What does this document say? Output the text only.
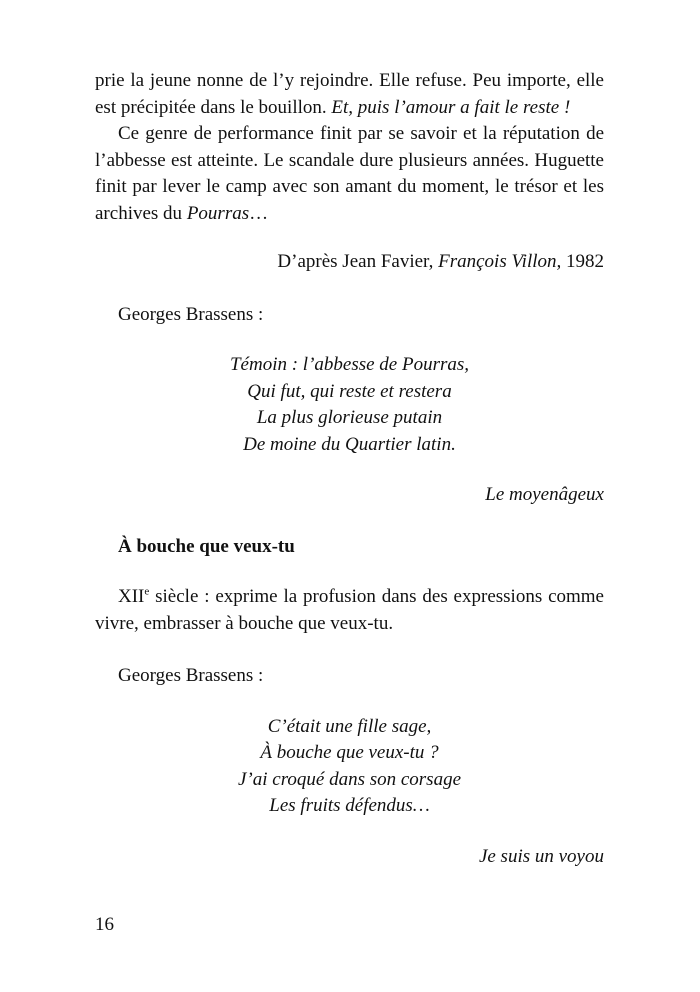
prie la jeune nonne de l’y rejoindre. Elle refuse. Peu importe, elle est précipitée dans le bouillon. Et, puis l’amour a fait le reste !

Ce genre de performance finit par se savoir et la réputation de l’abbesse est atteinte. Le scandale dure plusieurs années. Huguette finit par lever le camp avec son amant du moment, le trésor et les archives du Pourras…

D’après Jean Favier, François Villon, 1982

Georges Brassens :

Témoin : l’abbesse de Pourras,

Qui fut, qui reste et restera

La plus glorieuse putain

De moine du Quartier latin.

Le moyenâgeux

À bouche que veux-tu

XIIe siècle : exprime la profusion dans des expressions comme vivre, embrasser à bouche que veux-tu.

Georges Brassens :

C’était une fille sage,

À bouche que veux-tu ?

J’ai croqué dans son corsage

Les fruits défendus…

Je suis un voyou

16
